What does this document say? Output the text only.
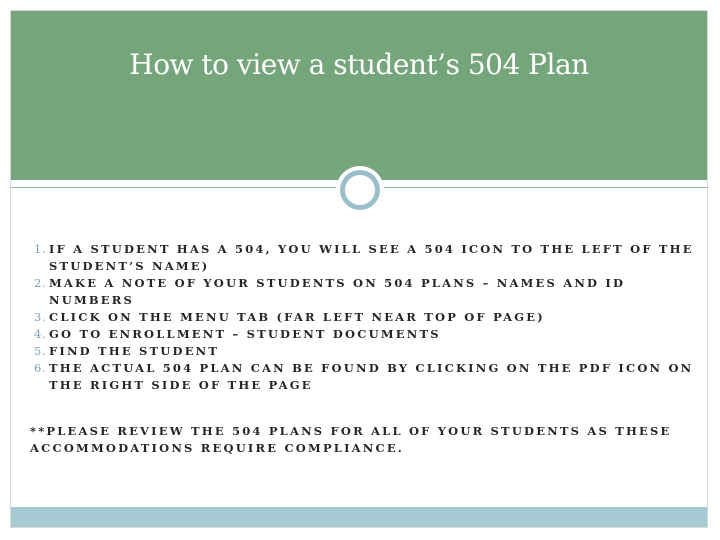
How to view a student’s 504 Plan
1. IF A STUDENT HAS A 504, YOU WILL SEE A 504 ICON TO THE LEFT OF THE STUDENT’S NAME)
2. MAKE A NOTE OF YOUR STUDENTS ON 504 PLANS – NAMES AND ID NUMBERS
3. CLICK ON THE MENU TAB (FAR LEFT NEAR TOP OF PAGE)
4. GO TO ENROLLMENT – STUDENT DOCUMENTS
5. FIND THE STUDENT
6. THE ACTUAL 504 PLAN CAN BE FOUND BY CLICKING ON THE PDF ICON ON THE RIGHT SIDE OF THE PAGE

**PLEASE REVIEW THE 504 PLANS FOR ALL OF YOUR STUDENTS AS THESE ACCOMMODATIONS REQUIRE COMPLIANCE.
